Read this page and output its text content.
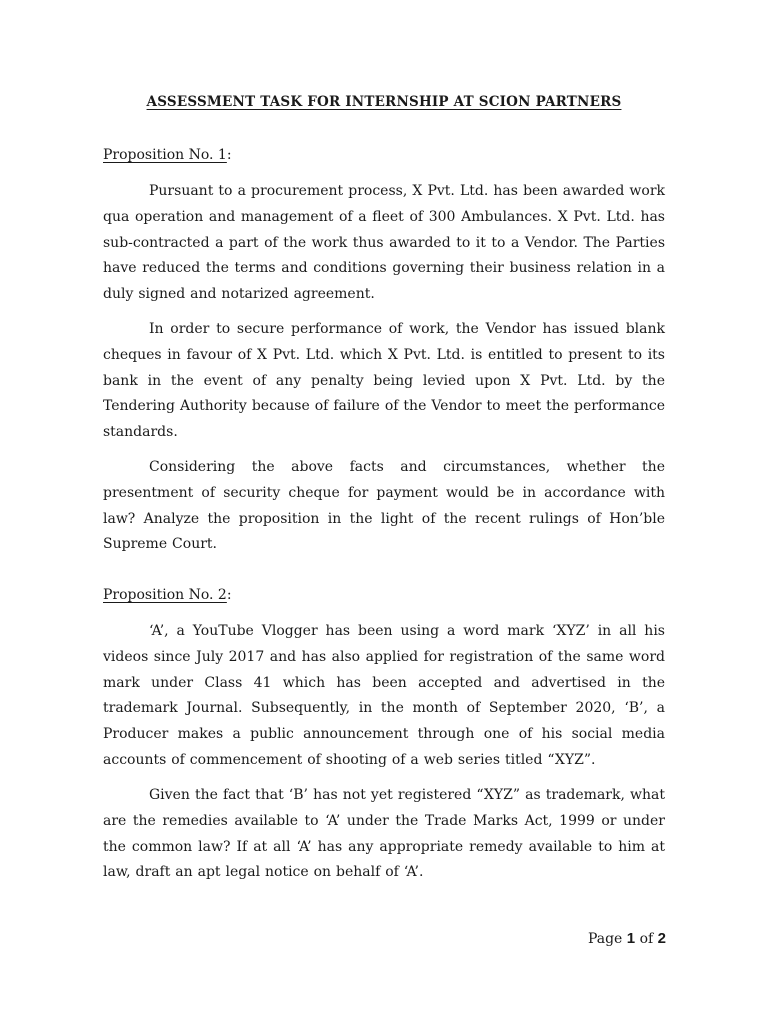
ASSESSMENT TASK FOR INTERNSHIP AT SCION PARTNERS
Proposition No. 1:

Pursuant to a procurement process, X Pvt. Ltd. has been awarded work qua operation and management of a fleet of 300 Ambulances. X Pvt. Ltd. has sub-contracted a part of the work thus awarded to it to a Vendor. The Parties have reduced the terms and conditions governing their business relation in a duly signed and notarized agreement.

In order to secure performance of work, the Vendor has issued blank cheques in favour of X Pvt. Ltd. which X Pvt. Ltd. is entitled to present to its bank in the event of any penalty being levied upon X Pvt. Ltd. by the Tendering Authority because of failure of the Vendor to meet the performance standards.

Considering the above facts and circumstances, whether the presentment of security cheque for payment would be in accordance with law? Analyze the proposition in the light of the recent rulings of Hon’ble Supreme Court.

Proposition No. 2:

‘A’, a YouTube Vlogger has been using a word mark ‘XYZ’ in all his videos since July 2017 and has also applied for registration of the same word mark under Class 41 which has been accepted and advertised in the trademark Journal. Subsequently, in the month of September 2020, ‘B’, a Producer makes a public announcement through one of his social media accounts of commencement of shooting of a web series titled “XYZ”.

Given the fact that ‘B’ has not yet registered “XYZ” as trademark, what are the remedies available to ‘A’ under the Trade Marks Act, 1999 or under the common law? If at all ‘A’ has any appropriate remedy available to him at law, draft an apt legal notice on behalf of ‘A’.

Page 1 of 2
